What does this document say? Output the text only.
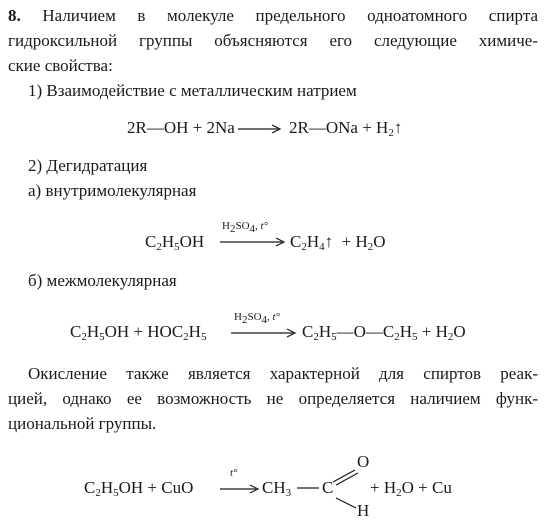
8. Наличием в молекуле предельного одноатомного спирта
гидроксильной группы объясняются его следующие химиче-
ские свойства:
1) Взаимодействие с металлическим натрием
2R—OH + 2Na	2R—ONa + $H_2↑$
2) Дегидратация
а) внутримолекулярная
$C_2H_5OH$
$H_2SO_4$, t°
$C_2H_4↑ + H_2O$
б) межмолекулярная
$C_2H_5OH + HOC_2H_5$
$H_2SO_4$, t°
$C_2H_5—O—C_2H_5 + H_2O$
Окисление также является характерной для спиртов реак-
цией, однако ее возможность не определяется наличием функ-
циональной группы.
$C_2H_5OH$ + CuO
t°
$CH_3$ C
O
H
+ $H_2O + Cu$
